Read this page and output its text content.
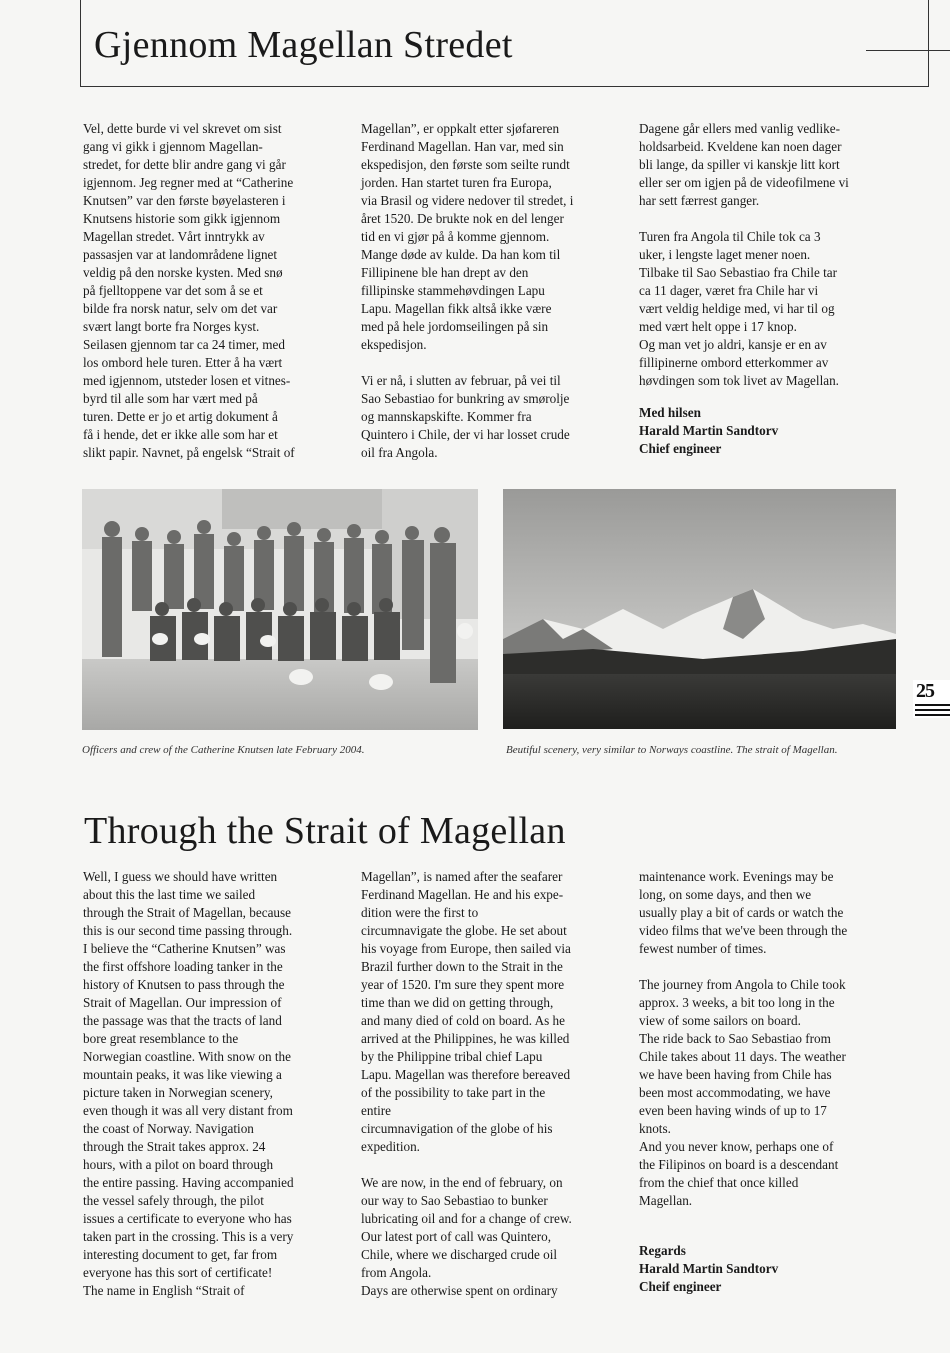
Gjennom Magellan Stredet

Vel, dette burde vi vel skrevet om sist
gang vi gikk i gjennom Magellan-
stredet, for dette blir andre gang vi går
igjennom. Jeg regner med at “Catherine
Knutsen” var den første bøyelasteren i
Knutsens historie som gikk igjennom
Magellan stredet. Vårt inntrykk av
passasjen var at landområdene lignet
veldig på den norske kysten. Med snø
på fjelltoppene var det som å se et
bilde fra norsk natur, selv om det var
svært langt borte fra Norges kyst.
Seilasen gjennom tar ca 24 timer, med
los ombord hele turen. Etter å ha vært
med igjennom, utsteder losen et vitnes-
byrd til alle som har vært med på
turen. Dette er jo et artig dokument å
få i hende, det er ikke alle som har et
slikt papir. Navnet, på engelsk “Strait of

Magellan”, er oppkalt etter sjøfareren
Ferdinand Magellan. Han var, med sin
ekspedisjon, den første som seilte rundt
jorden. Han startet turen fra Europa,
via Brasil og videre nedover til stredet, i
året 1520. De brukte nok en del lenger
tid en vi gjør på å komme gjennom.
Mange døde av kulde. Da han kom til
Fillipinene ble han drept av den
fillipinske stammehøvdingen Lapu
Lapu. Magellan fikk altså ikke være
med på hele jordomseilingen på sin
ekspedisjon.

Vi er nå, i slutten av februar, på vei til
Sao Sebastiao for bunkring av smørolje
og mannskapskifte. Kommer fra
Quintero i Chile, der vi har losset crude
oil fra Angola.

Dagene går ellers med vanlig vedlike-
holdsarbeid. Kveldene kan noen dager
bli lange, da spiller vi kanskje litt kort
eller ser om igjen på de videofilmene vi
har sett færrest ganger.

Turen fra Angola til Chile tok ca 3
uker, i lengste laget mener noen.
Tilbake til Sao Sebastiao fra Chile tar
ca 11 dager, været fra Chile har vi
vært veldig heldige med, vi har til og
med vært helt oppe i 17 knop.
Og man vet jo aldri, kansje er en av
fillipinerne ombord etterkommer av
høvdingen som tok livet av Magellan.

Med hilsen
Harald Martin Sandtorv
Chief engineer
Officers and crew of the Catherine Knutsen late February 2004.	Beutiful scenery, very similar to Norways coastline. The strait of Magellan.
25
Through the Strait of Magellan

Well, I guess we should have written
about this the last time we sailed
through the Strait of Magellan, because
this is our second time passing through.
I believe the “Catherine Knutsen” was
the first offshore loading tanker in the
history of Knutsen to pass through the
Strait of Magellan. Our impression of
the passage was that the tracts of land
bore great resemblance to the
Norwegian coastline. With snow on the
mountain peaks, it was like viewing a
picture taken in Norwegian scenery,
even though it was all very distant from
the coast of Norway. Navigation
through the Strait takes approx. 24
hours, with a pilot on board through
the entire passing. Having accompanied
the vessel safely through, the pilot
issues a certificate to everyone who has
taken part in the crossing. This is a very
interesting document to get, far from
everyone has this sort of certificate!
The name in English “Strait of

Magellan”, is named after the seafarer
Ferdinand Magellan. He and his expe-
dition were the first to
circumnavigate the globe. He set about
his voyage from Europe, then sailed via
Brazil further down to the Strait in the
year of 1520. I'm sure they spent more
time than we did on getting through,
and many died of cold on board. As he
arrived at the Philippines, he was killed
by the Philippine tribal chief Lapu
Lapu. Magellan was therefore bereaved
of the possibility to take part in the
entire
circumnavigation of the globe of his
expedition.

We are now, in the end of february, on
our way to Sao Sebastiao to bunker
lubricating oil and for a change of crew.
Our latest port of call was Quintero,
Chile, where we discharged crude oil
from Angola.
Days are otherwise spent on ordinary

maintenance work. Evenings may be
long, on some days, and then we
usually play a bit of cards or watch the
video films that we've been through the
fewest number of times.

The journey from Angola to Chile took
approx. 3 weeks, a bit too long in the
view of some sailors on board.
The ride back to Sao Sebastiao from
Chile takes about 11 days. The weather
we have been having from Chile has
been most accommodating, we have
even been having winds of up to 17
knots.
And you never know, perhaps one of
the Filipinos on board is a descendant
from the chief that once killed
Magellan.

Regards
Harald Martin Sandtorv
Cheif engineer
